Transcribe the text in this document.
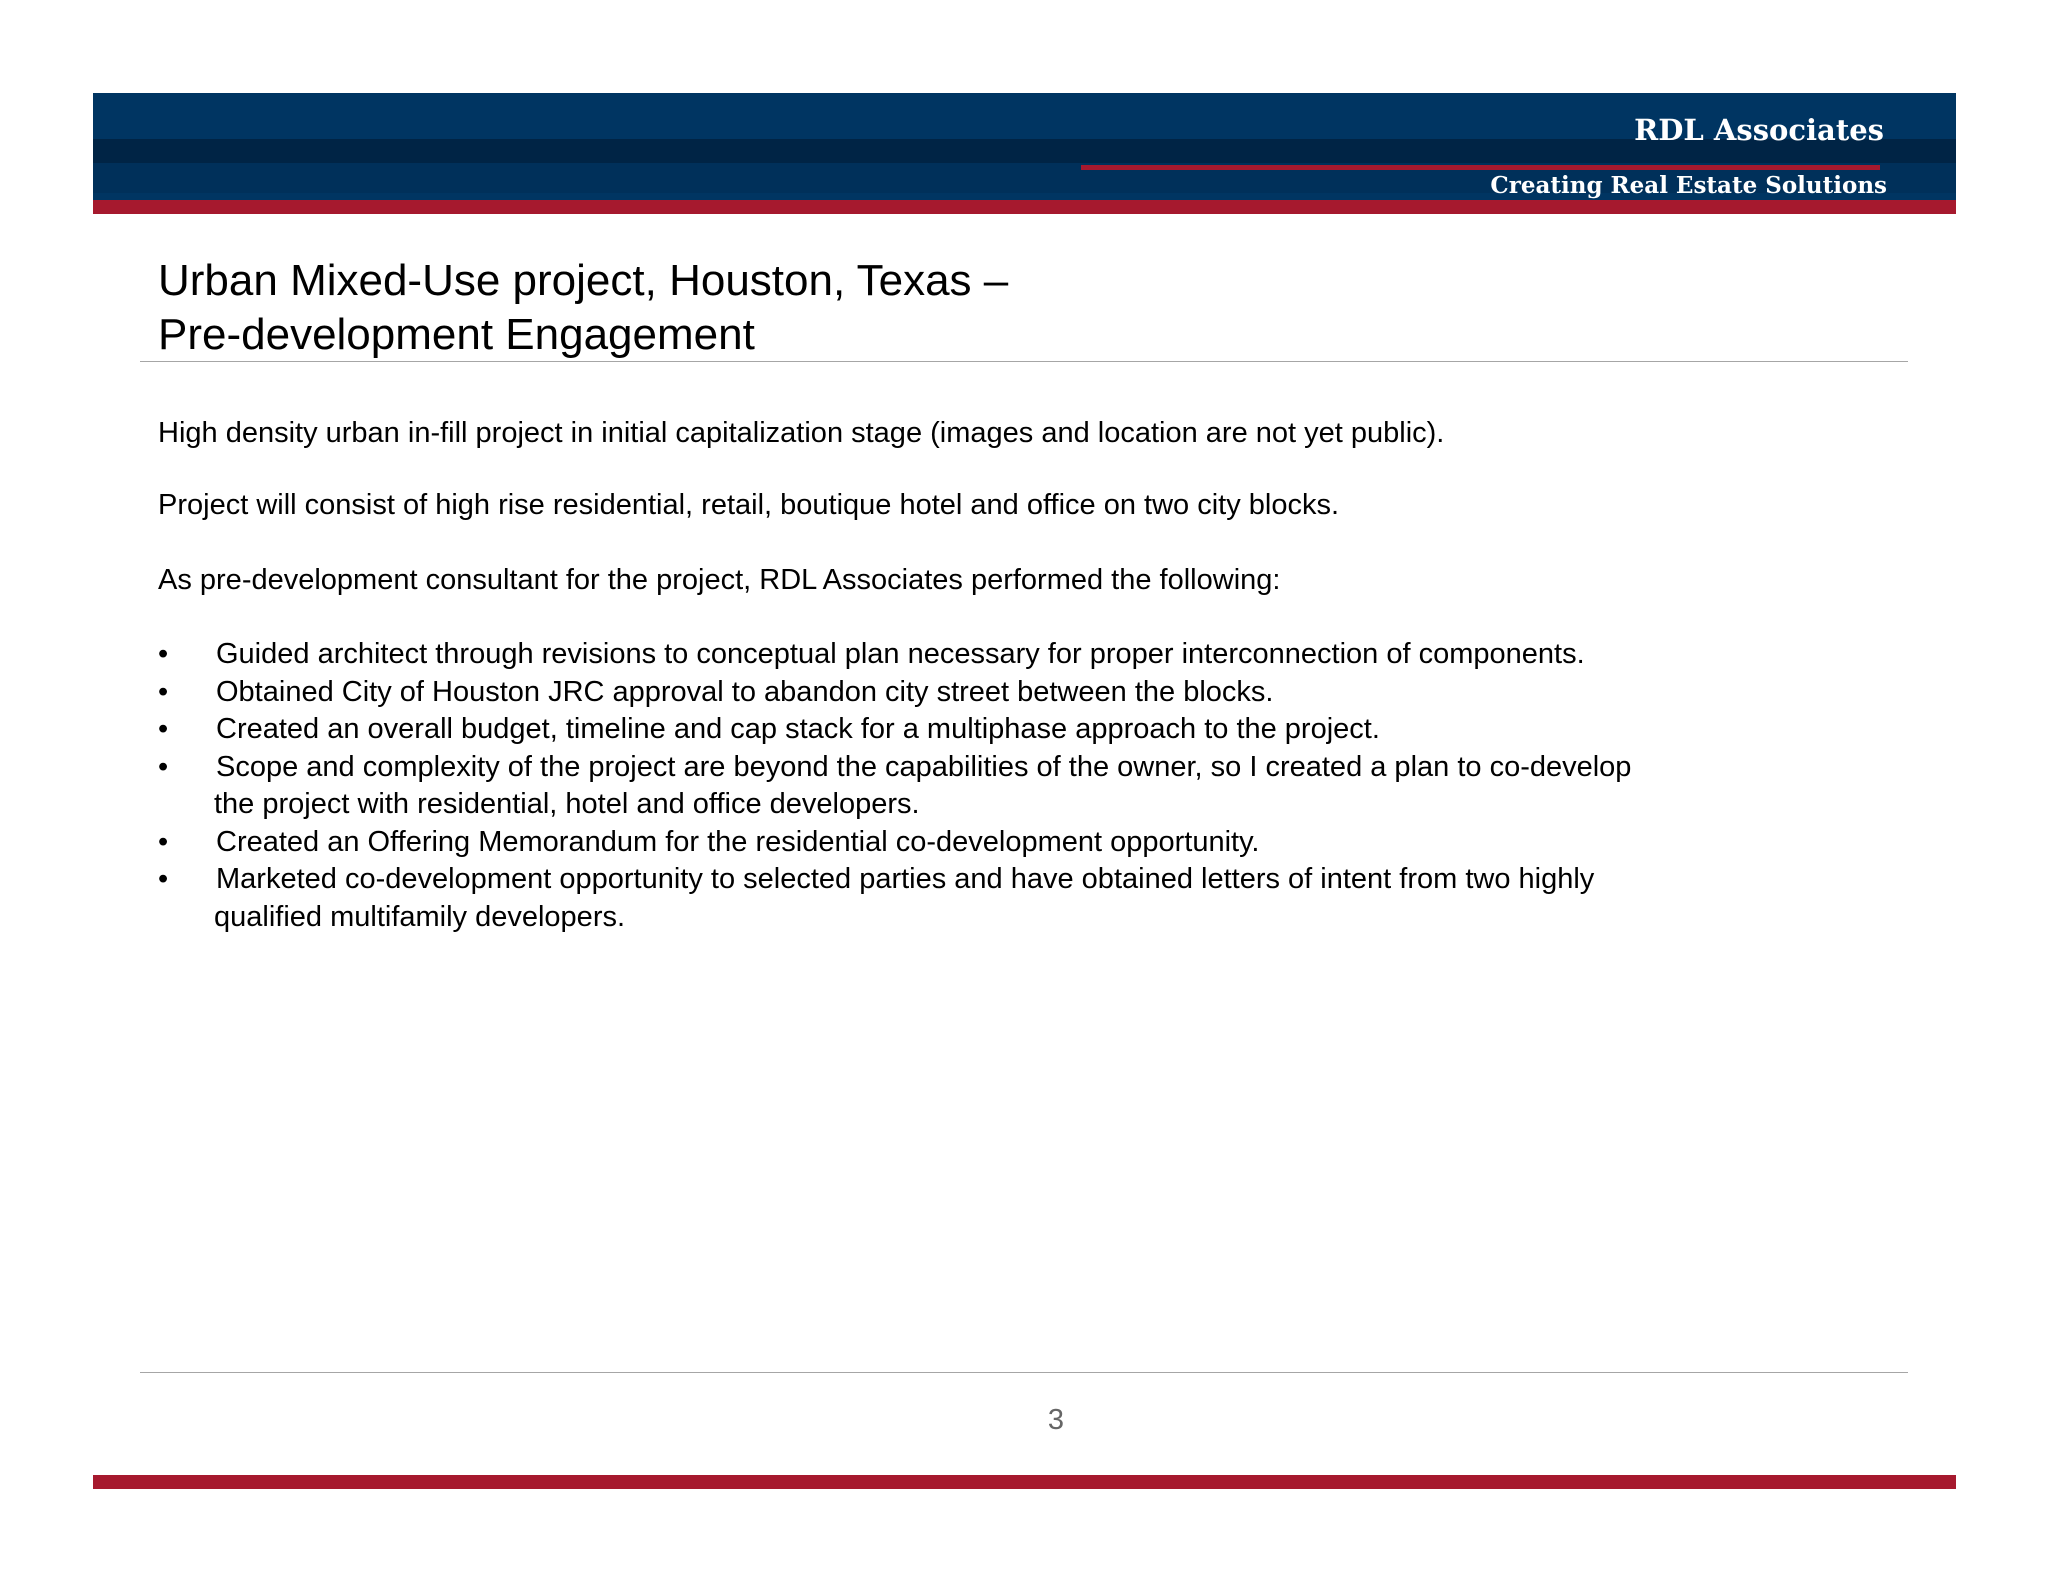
RDL Associates
Creating Real Estate Solutions
Urban Mixed-Use project, Houston, Texas –
Pre-development Engagement
High density urban in-fill project in initial capitalization stage (images and location are not yet public).
Project will consist of high rise residential, retail, boutique hotel and office on two city blocks.
As pre-development consultant for the project, RDL Associates performed the following:
• Guided architect through revisions to conceptual plan necessary for proper interconnection of components.
• Obtained City of Houston JRC approval to abandon city street between the blocks.
• Created an overall budget, timeline and cap stack for a multiphase approach to the project.
• Scope and complexity of the project are beyond the capabilities of the owner, so I created a plan to co-develop
the project with residential, hotel and office developers.
• Created an Offering Memorandum for the residential co-development opportunity.
• Marketed co-development opportunity to selected parties and have obtained letters of intent from two highly
qualified multifamily developers.
3
